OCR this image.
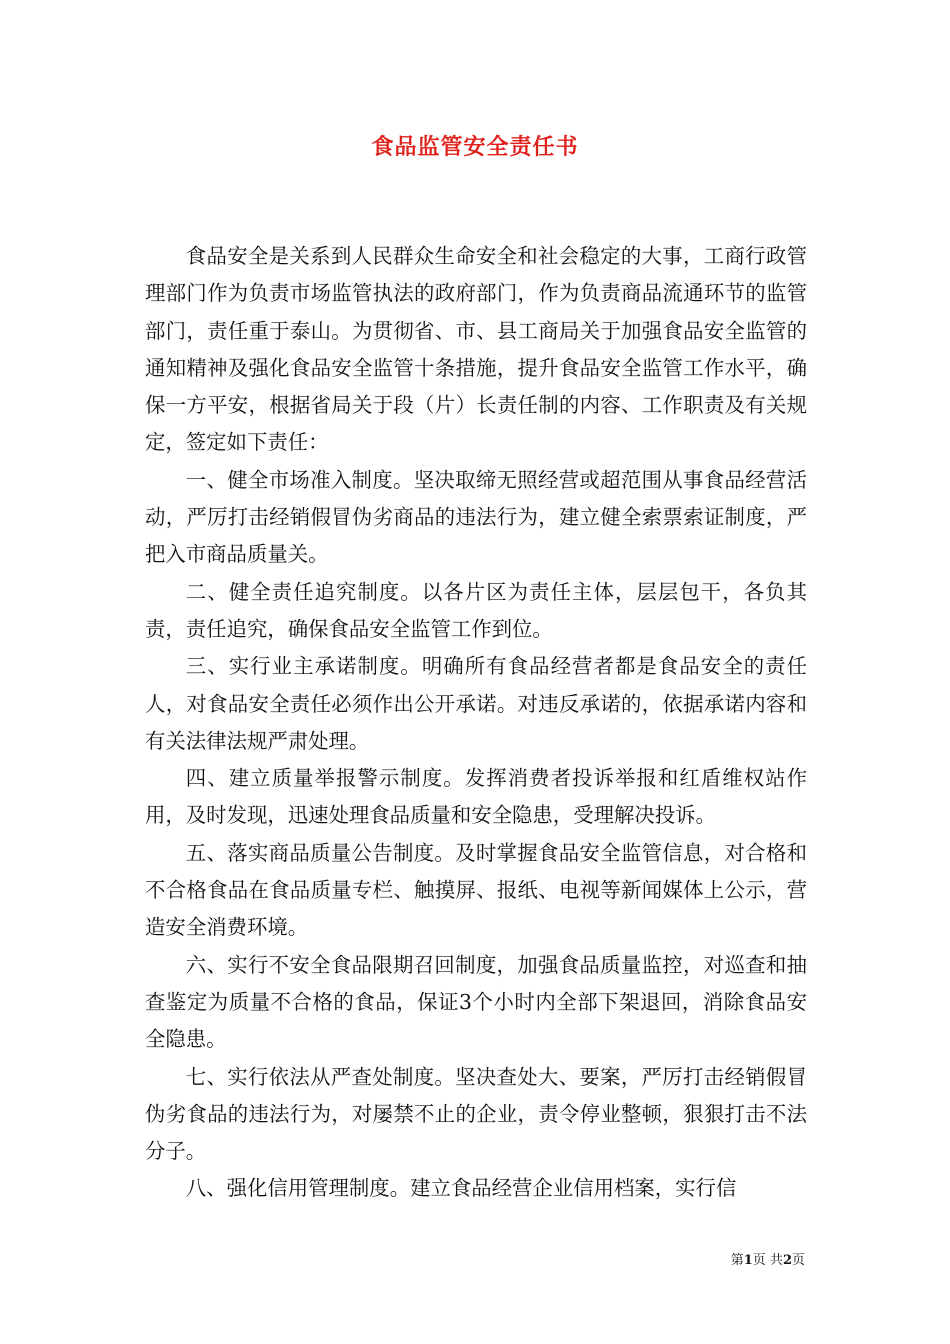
食品监管安全责任书

食品安全是关系到人民群众生命安全和社会稳定的大事，工商行政管理部门作为负责市场监管执法的政府部门，作为负责商品流通环节的监管部门，责任重于泰山。为贯彻省、市、县工商局关于加强食品安全监管的通知精神及强化食品安全监管十条措施，提升食品安全监管工作水平，确保一方平安，根据省局关于段（片）长责任制的内容、工作职责及有关规定，签定如下责任：

一、健全市场准入制度。坚决取缔无照经营或超范围从事食品经营活动，严厉打击经销假冒伪劣商品的违法行为，建立健全索票索证制度，严把入市商品质量关。

二、健全责任追究制度。以各片区为责任主体，层层包干，各负其责，责任追究，确保食品安全监管工作到位。

三、实行业主承诺制度。明确所有食品经营者都是食品安全的责任人，对食品安全责任必须作出公开承诺。对违反承诺的，依据承诺内容和有关法律法规严肃处理。

四、建立质量举报警示制度。发挥消费者投诉举报和红盾维权站作用，及时发现，迅速处理食品质量和安全隐患，受理解决投诉。

五、落实商品质量公告制度。及时掌握食品安全监管信息，对合格和不合格食品在食品质量专栏、触摸屏、报纸、电视等新闻媒体上公示，营造安全消费环境。

六、实行不安全食品限期召回制度，加强食品质量监控，对巡查和抽查鉴定为质量不合格的食品，保证3个小时内全部下架退回，消除食品安全隐患。

七、实行依法从严查处制度。坚决查处大、要案，严厉打击经销假冒伪劣食品的违法行为，对屡禁不止的企业，责令停业整顿，狠狠打击不法分子。

八、强化信用管理制度。建立食品经营企业信用档案，实行信

第1页 共2页
